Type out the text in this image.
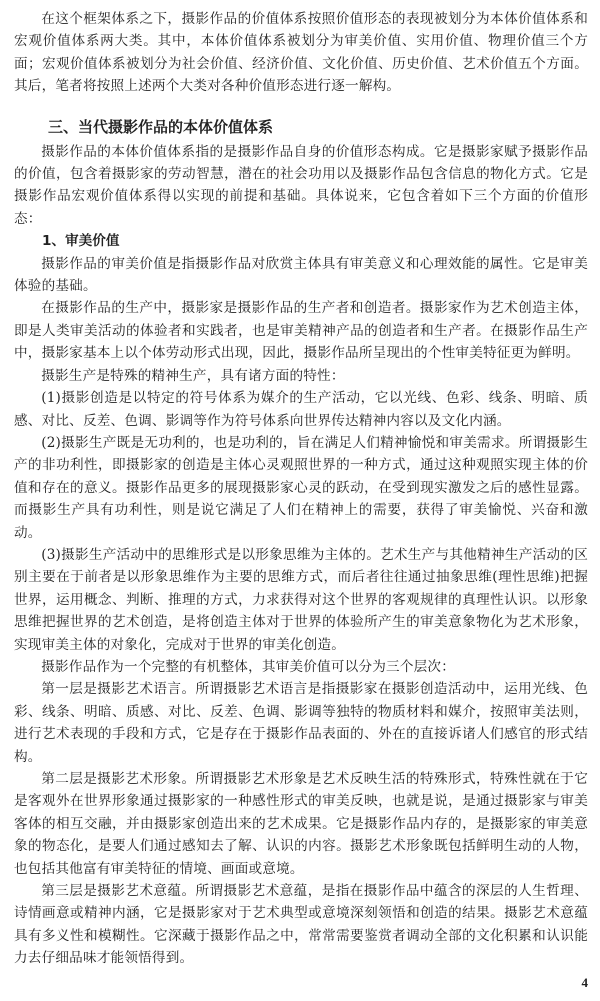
在这个框架体系之下，摄影作品的价值体系按照价值形态的表现被划分为本体价值体系和宏观价值体系两大类。其中，本体价值体系被划分为审美价值、实用价值、物理价值三个方面；宏观价值体系被划分为社会价值、经济价值、文化价值、历史价值、艺术价值五个方面。其后，笔者将按照上述两个大类对各种价值形态进行逐一解构。

三、当代摄影作品的本体价值体系

摄影作品的本体价值体系指的是摄影作品自身的价值形态构成。它是摄影家赋予摄影作品的价值，包含着摄影家的劳动智慧，潜在的社会功用以及摄影作品包含信息的物化方式。它是摄影作品宏观价值体系得以实现的前提和基础。具体说来，它包含着如下三个方面的价值形态：

1、审美价值

摄影作品的审美价值是指摄影作品对欣赏主体具有审美意义和心理效能的属性。它是审美体验的基础。

在摄影作品的生产中，摄影家是摄影作品的生产者和创造者。摄影家作为艺术创造主体，即是人类审美活动的体验者和实践者，也是审美精神产品的创造者和生产者。在摄影作品生产中，摄影家基本上以个体劳动形式出现，因此，摄影作品所呈现出的个性审美特征更为鲜明。

摄影生产是特殊的精神生产，具有诸方面的特性：

(1)摄影创造是以特定的符号体系为媒介的生产活动，它以光线、色彩、线条、明暗、质感、对比、反差、色调、影调等作为符号体系向世界传达精神内容以及文化内涵。

(2)摄影生产既是无功利的，也是功利的，旨在满足人们精神愉悦和审美需求。所谓摄影生产的非功利性，即摄影家的创造是主体心灵观照世界的一种方式，通过这种观照实现主体的价值和存在的意义。摄影作品更多的展现摄影家心灵的跃动，在受到现实激发之后的感性显露。而摄影生产具有功利性，则是说它满足了人们在精神上的需要，获得了审美愉悦、兴奋和激动。

(3)摄影生产活动中的思维形式是以形象思维为主体的。艺术生产与其他精神生产活动的区别主要在于前者是以形象思维作为主要的思维方式，而后者往往通过抽象思维(理性思维)把握世界，运用概念、判断、推理的方式，力求获得对这个世界的客观规律的真理性认识。以形象思维把握世界的艺术创造，是将创造主体对于世界的体验所产生的审美意象物化为艺术形象，实现审美主体的对象化，完成对于世界的审美化创造。

摄影作品作为一个完整的有机整体，其审美价值可以分为三个层次：

第一层是摄影艺术语言。所谓摄影艺术语言是指摄影家在摄影创造活动中，运用光线、色彩、线条、明暗、质感、对比、反差、色调、影调等独特的物质材料和媒介，按照审美法则，进行艺术表现的手段和方式，它是存在于摄影作品表面的、外在的直接诉诸人们感官的形式结构。

第二层是摄影艺术形象。所谓摄影艺术形象是艺术反映生活的特殊形式，特殊性就在于它是客观外在世界形象通过摄影家的一种感性形式的审美反映，也就是说，是通过摄影家与审美客体的相互交融，并由摄影家创造出来的艺术成果。它是摄影作品内存的，是摄影家的审美意象的物态化，是要人们通过感知去了解、认识的内容。摄影艺术形象既包括鲜明生动的人物，也包括其他富有审美特征的情境、画面或意境。

第三层是摄影艺术意蕴。所谓摄影艺术意蕴，是指在摄影作品中蕴含的深层的人生哲理、诗情画意或精神内涵，它是摄影家对于艺术典型或意境深刻领悟和创造的结果。摄影艺术意蕴具有多义性和模糊性。它深藏于摄影作品之中，常常需要鉴赏者调动全部的文化积累和认识能力去仔细品味才能领悟得到。

4
